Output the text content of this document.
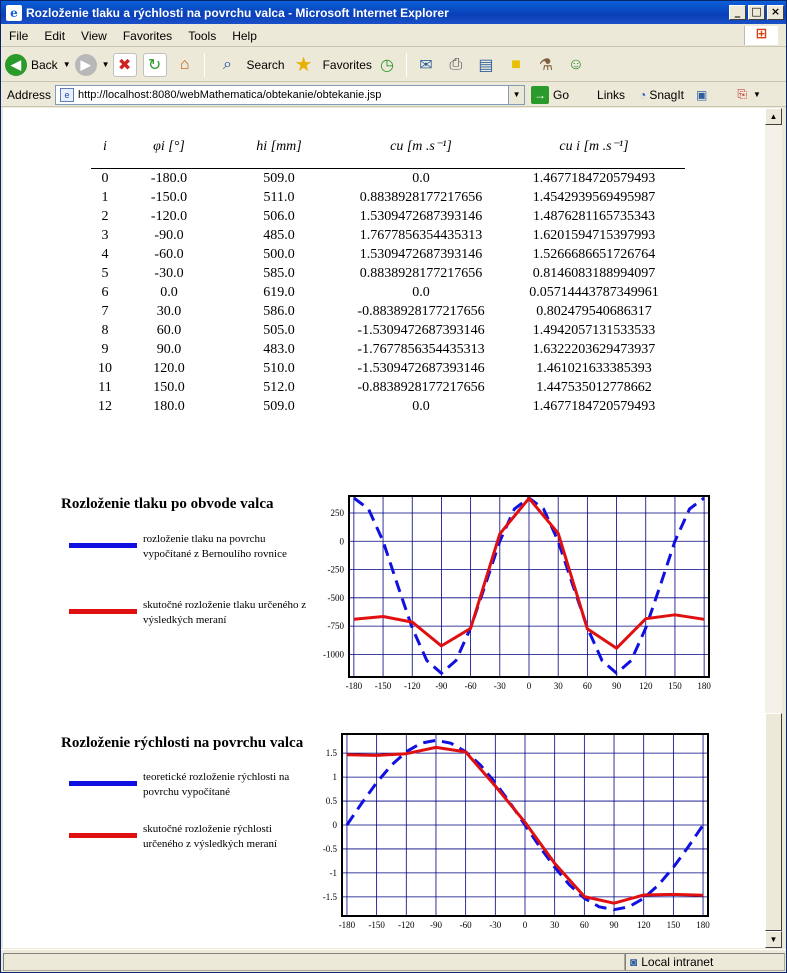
e Rozloženie tlaku a rýchlosti na povrchu valca - Microsoft Internet Explorer	_	□ ×
File	Edit	View	Favorites	Tools	Help	⊞
◀ Back ▼ ▶	▼ ✖	↻	⌂	⌕	Search ★ Favorites ◷	✉	⎙	▤	■	⚗ ☺
Address	e http://localhost:8080/webMathematica/obtekanie/obtekanie.jsp	▼ → Go Links ◔ SnagIt ▣	⎘ ▼
i	φi [°]	hi [mm]	cu [m .s⁻¹]	cu i [m .s⁻¹]
0	-180.0	509.0	0.0	1.4677184720579493
1	-150.0	511.0	0.8838928177217656	1.4542939569495987
2	-120.0	506.0	1.5309472687393146	1.4876281165735343
3	-90.0	485.0	1.7677856354435313	1.6201594715397993
4	-60.0	500.0	1.5309472687393146	1.5266686651726764
5	-30.0	585.0	0.8838928177217656	0.8146083188994097
6	0.0	619.0	0.0	0.05714443787349961
7	30.0	586.0	-0.8838928177217656	0.802479540686317
8	60.0	505.0	-1.5309472687393146	1.4942057131533533
9	90.0	483.0	-1.7677856354435313	1.6322203629473937
10	120.0	510.0	-1.5309472687393146	1.461021633385393
11	150.0	512.0	-0.8838928177217656	1.447535012778662
12	180.0	509.0	0.0	1.4677184720579493
Rozloženie tlaku po obvode valca
rozloženie tlaku na povrchu vypočítané z Bernoulího rovnice
skutočné rozloženie tlaku určeného z výsledkých meraní
-180 -150 -120 -90 -60 -30 0 30 60 90 120 150 180
-1000
-750
-500
-250
0
250
Rozloženie rýchlosti na povrchu valca
teoretické rozloženie rýchlosti na povrchu vypočítané
skutočné rozloženie rýchlosti určeného z výsledkých meraní
-180 -150 -120 -90 -60 -30 0	30 60 90 120 150 180
-1.5
-1
-0.5
0
0.5
1
1.5
▲
▼
◙ Local intranet
